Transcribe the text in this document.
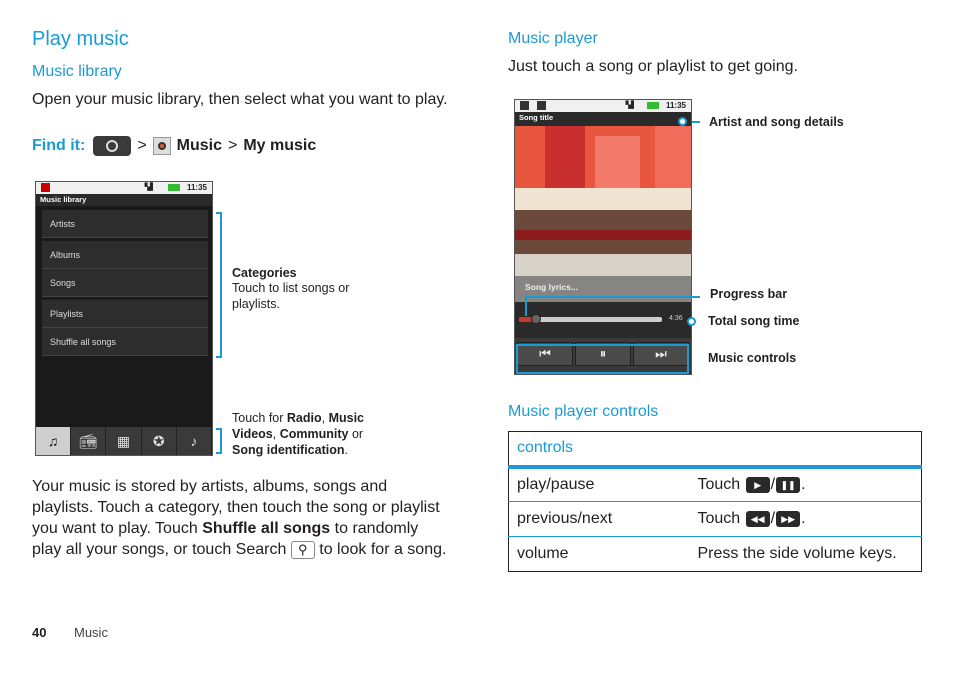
Play music
Music library
Open your music library, then select what you want to play.
Find it:	> Music > My music
▝▟	11:35
Music library
Artists
Albums
Songs
Playlists
Shuffle all songs
♫	📻︎	▦	✪	♪
Categories
Touch to list songs or playlists.
Touch for Radio, Music Videos, Community or Song identification.
Your music is stored by artists, albums, songs and playlists. Touch a category, then touch the song or playlist you want to play. Touch Shuffle all songs to randomly play all your songs, or touch Search ⚲ to look for a song.
40 Music
Music player
Just touch a song or playlist to get going.
▝▟	11:35
Song title
Song lyrics...
4:36
⏮	⏸	⏭
Artist and song details
Progress bar
Total song time
Music controls
Music player controls
controls	
play/pause	Touch ▶ / ❚❚ .
previous/next	Touch ◀◀ / ▶▶ .
volume	Press the side volume keys.
